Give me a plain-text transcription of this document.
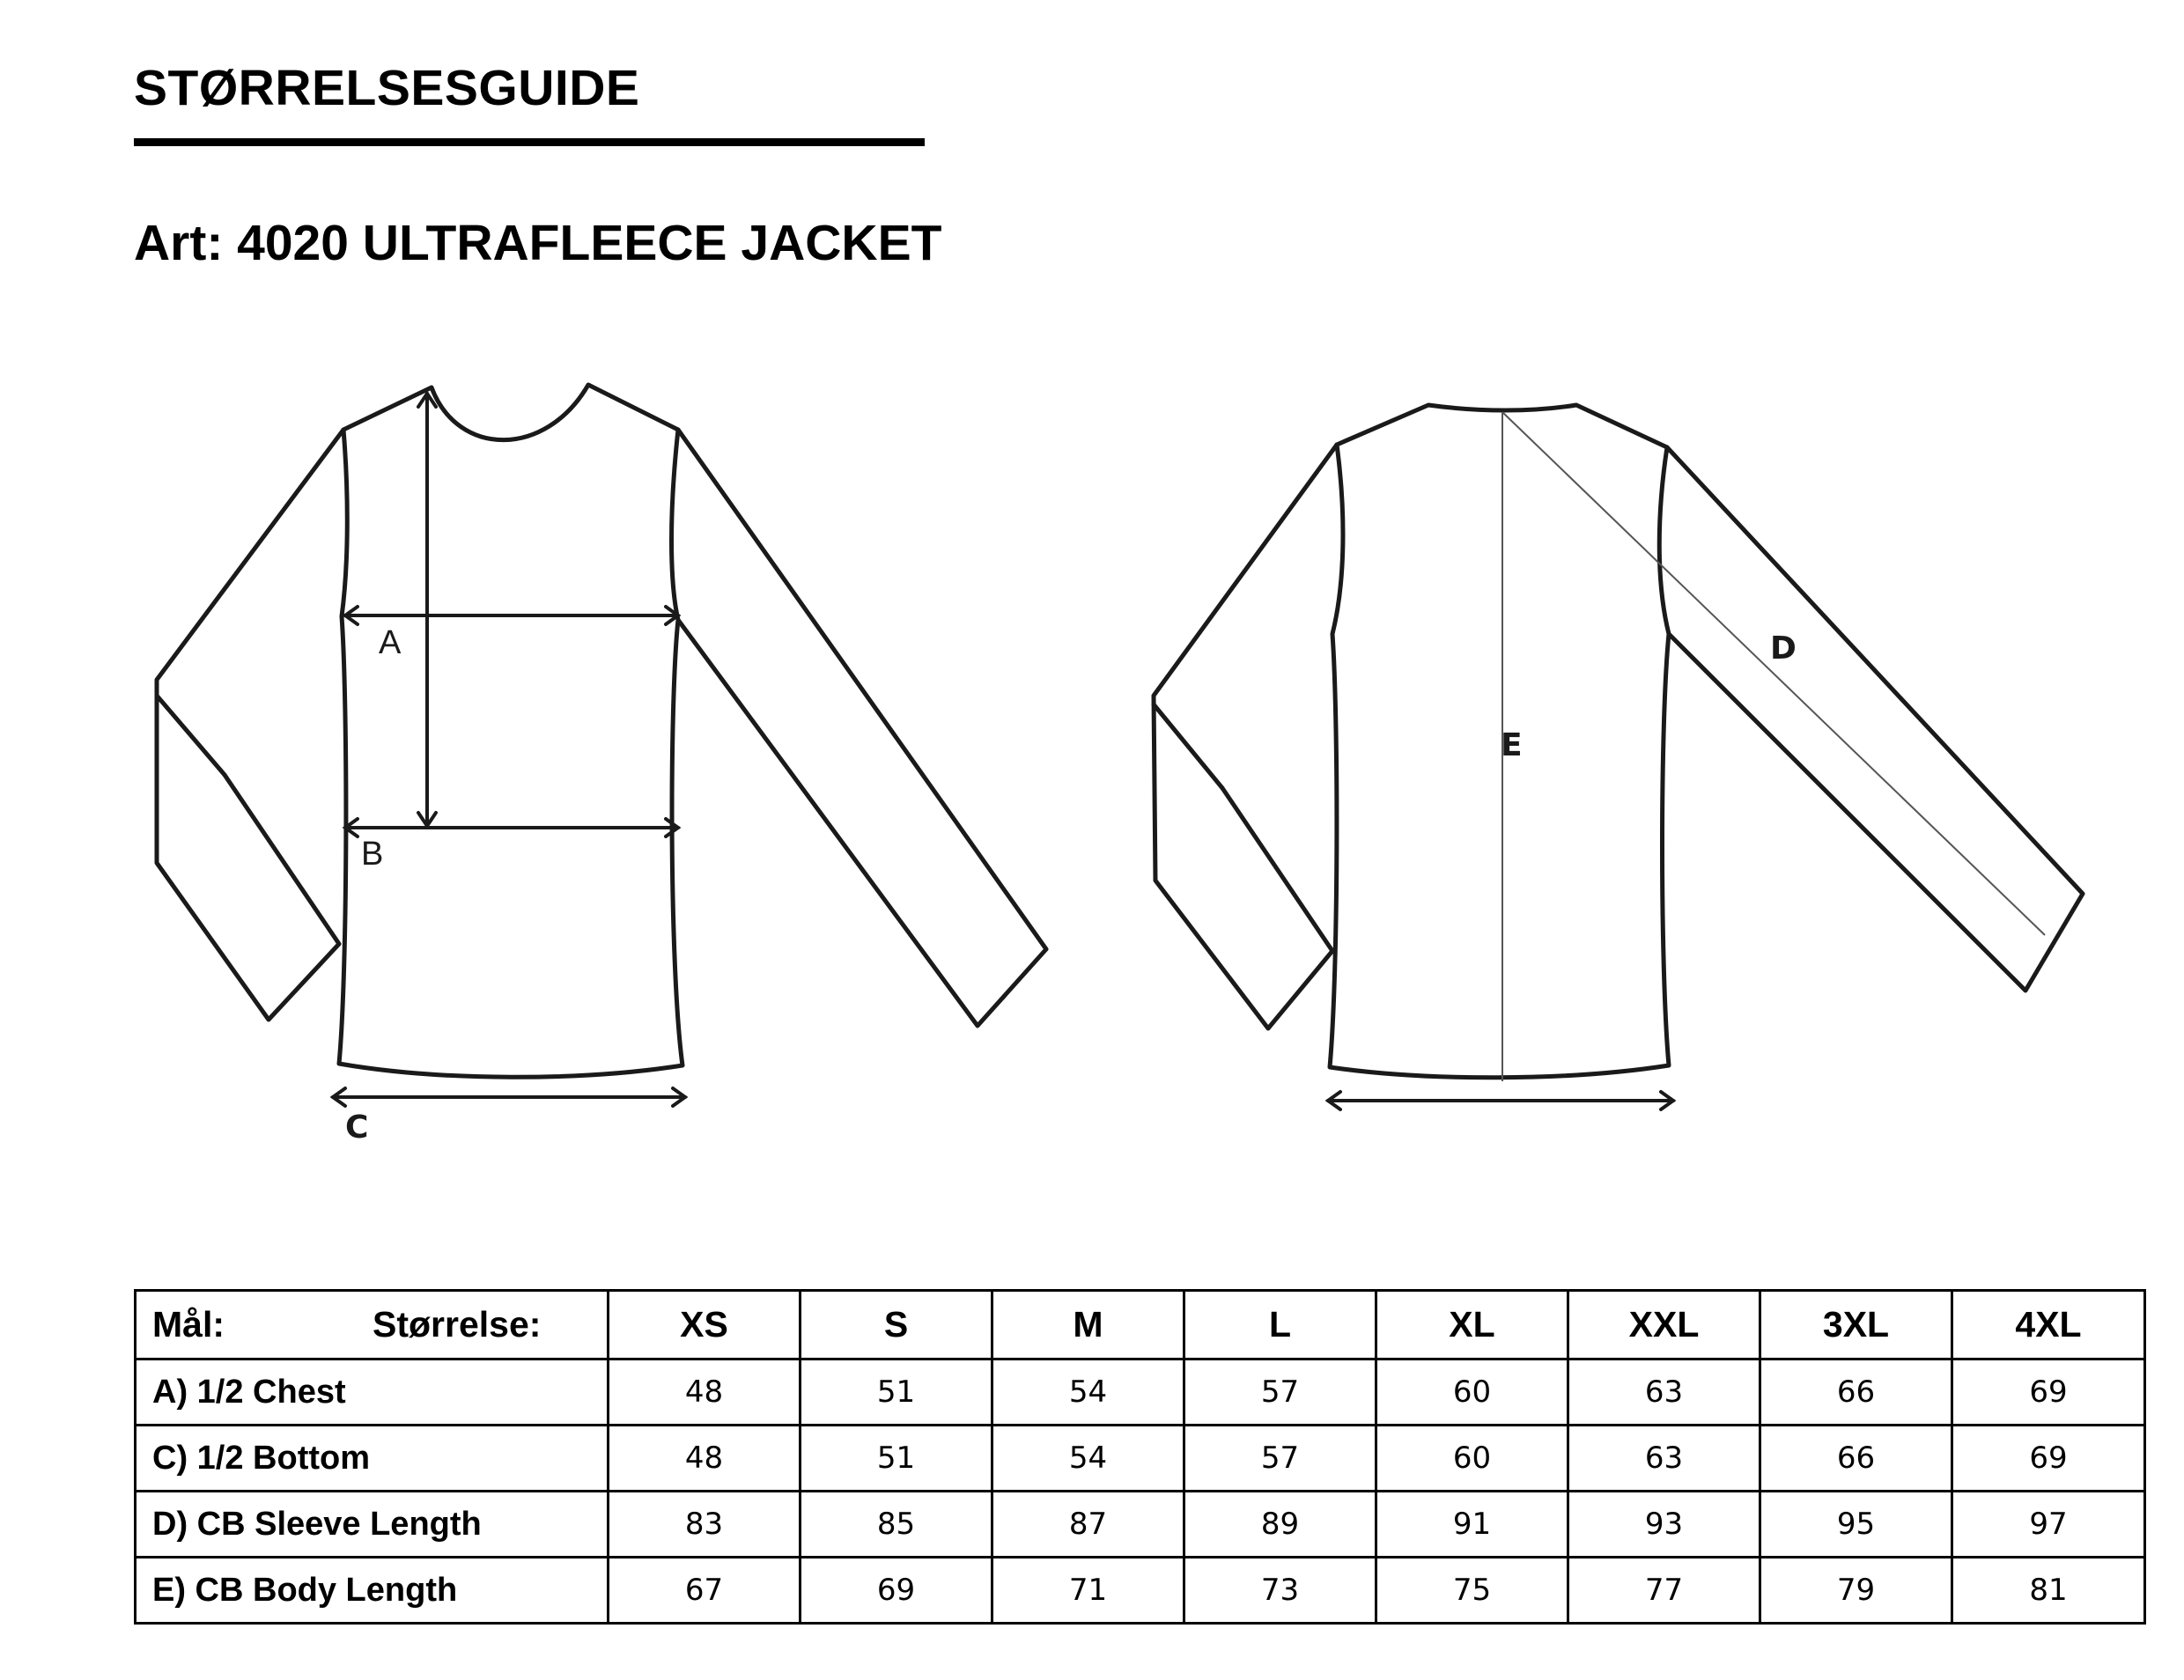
STØRRELSESGUIDE
Art: 4020 ULTRAFLEECE JACKET
A
B
C
D
E
Mål: Størrelse:	XS	S	M	L	XL	XXL	3XL	4XL
A) 1/2 Chest	48	51	54	57	60	63	66	69
C) 1/2 Bottom	48	51	54	57	60	63	66	69
D) CB Sleeve Length	83	85	87	89	91	93	95	97
E) CB Body Length	67	69	71	73	75	77	79	81
